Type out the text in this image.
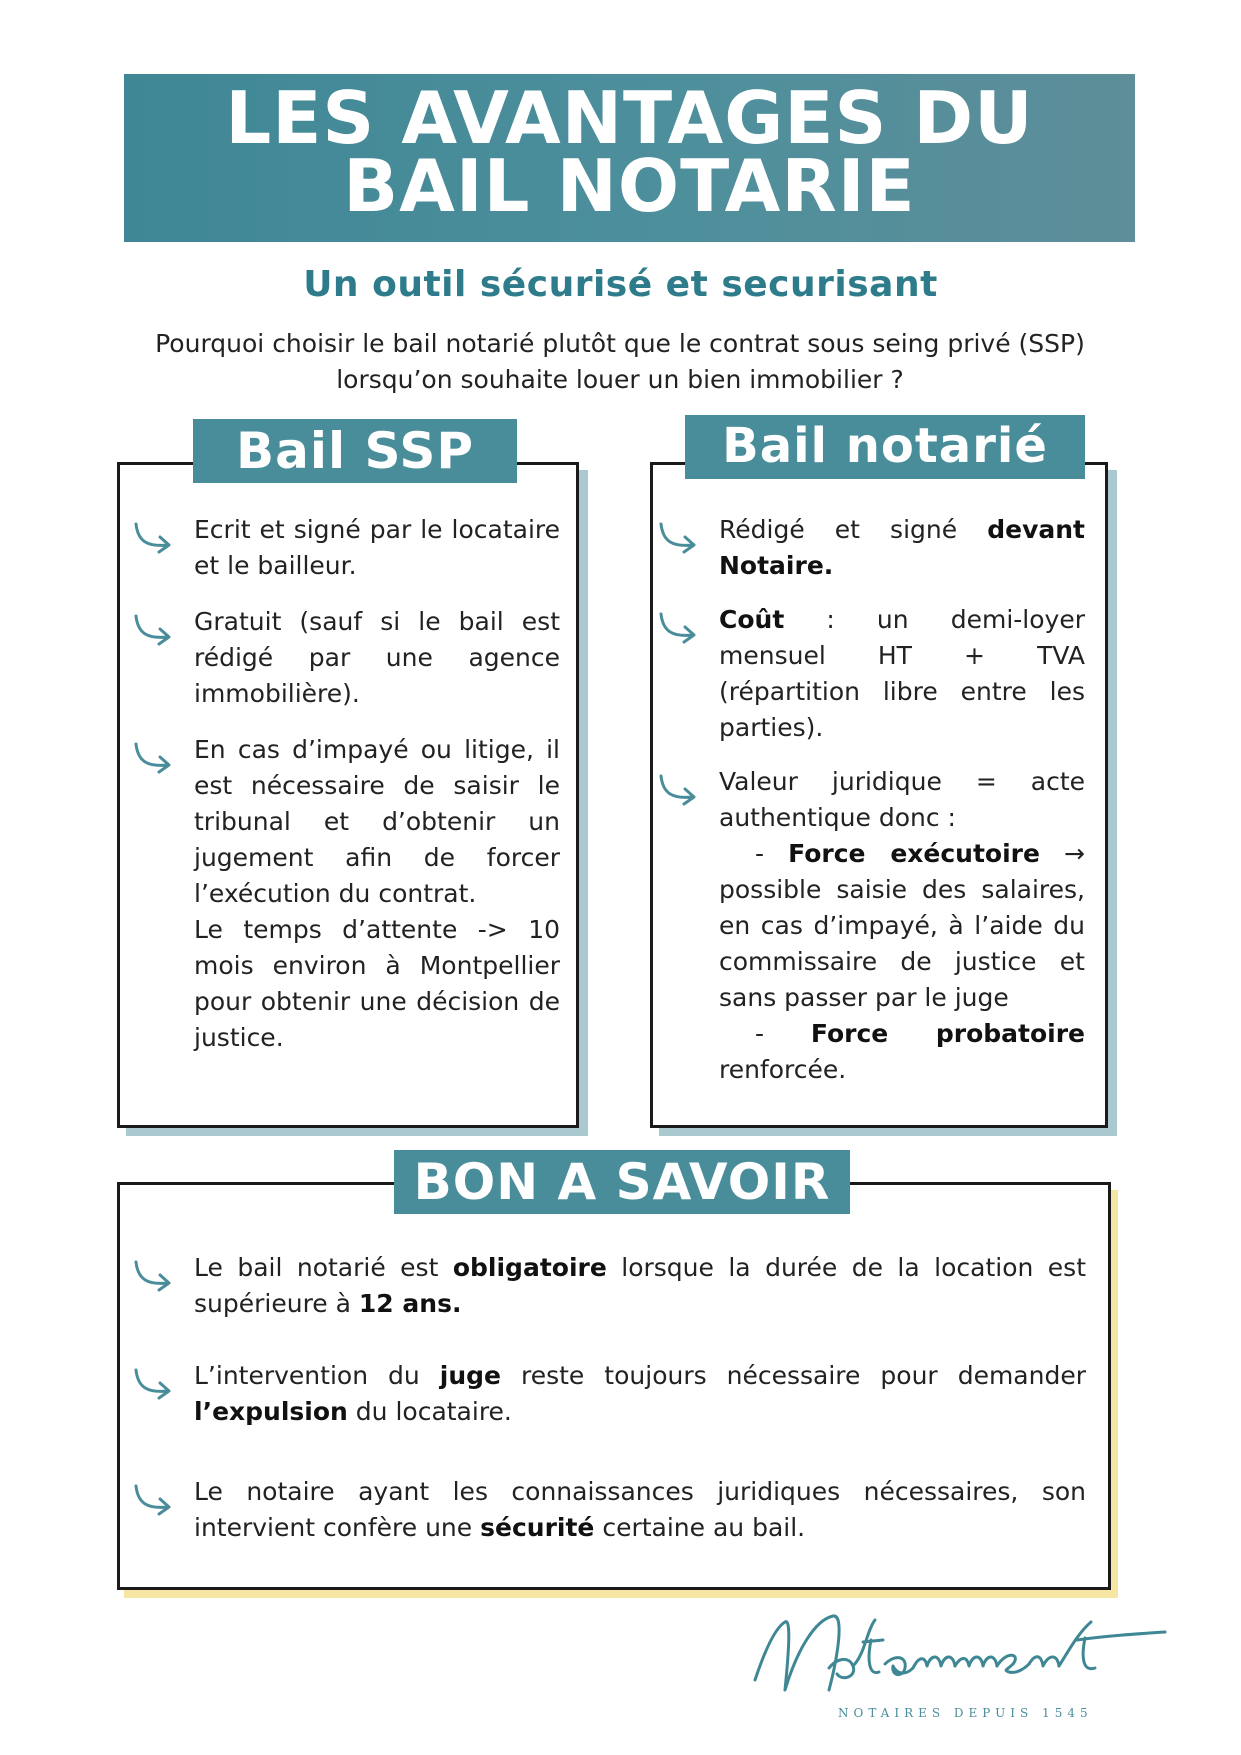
LES AVANTAGES DU
BAIL NOTARIE
Un outil sécurisé et securisant
Pourquoi choisir le bail notarié plutôt que le contrat sous seing privé (SSP) lorsqu’on souhaite louer un bien immobilier ?
Bail SSP
Ecrit et signé par le locataire et le bailleur.
Gratuit (sauf si le bail est rédigé par une agence immobilière).
En cas d’impayé ou litige, il est nécessaire de saisir le tribunal et d’obtenir un jugement afin de forcer l’exécution du contrat.
Le temps d’attente -> 10 mois environ à Montpellier pour obtenir une décision de justice.
Bail notarié
Rédigé et signé devant Notaire.
Coût : un demi-loyer mensuel HT + TVA (répartition libre entre les parties).
Valeur juridique = acte authentique donc :
- Force exécutoire → possible saisie des salaires, en cas d’impayé, à l’aide du commissaire de justice et sans passer par le juge
- Force probatoire renforcée.
BON A SAVOIR
Le bail notarié est obligatoire lorsque la durée de la location est supérieure à 12 ans.
L’intervention du juge reste toujours nécessaire pour demander l’expulsion du locataire.
Le notaire ayant les connaissances juridiques nécessaires, son intervient confère une sécurité certaine au bail.
NOTAIRES DEPUIS 1545
